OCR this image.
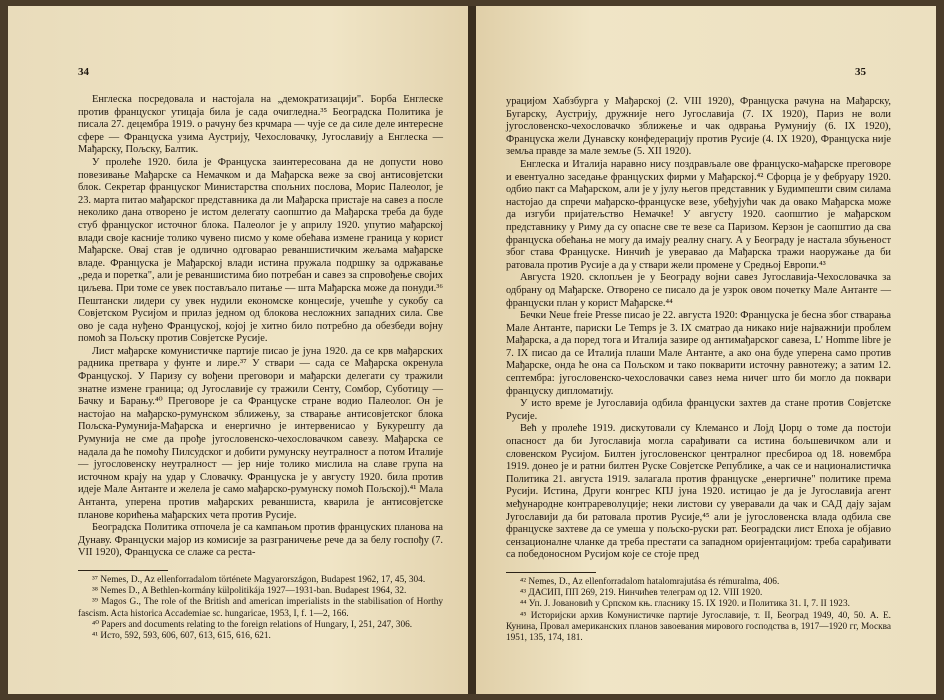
34

Енглеска посредовала и настојала на „демократизацији". Борба Енглеске против француског утицаја била је сада очигледна.³⁵ Београдска Политика је писала 27. децембра 1919. о рачуну без крчмара — чује се да силе деле интересне сфере — Француска узима Аустрију, Чехословачку, Југославију а Енглеска — Мађарску, Пољску, Балтик.

У пролеће 1920. била је Француска заинтересована да не допусти ново повезивање Мађарске са Немачком и да Мађарска веже за свој антисовјетски блок. Секретар француског Министарства спољних послова, Морис Палеолог, је 23. марта питао мађарског представника да ли Мађарска пристаје на савез а после неколико дана отворено је истом делегату саопштио да Мађарска треба да буде стуб француског источног блока. Палеолог је у априлу 1920. упутио мађарској влади своје касније толико чувено писмо у коме обећава измене граница у корист Мађарске. Овај став је одлично одговарао реваншистичким жељама мађарске владе. Француска је Мађарској влади истина пружала подршку за одржавање „реда и поретка", али је реваншистима био потребан и савез за спровођење својих циљева. При томе се увек постављало питање — шта Мађарска може да понуди.³⁶ Пештански лидери су увек нудили економске концесије, учешће у сукобу са Совјетском Русијом и прилаз једном од блокова несложних западних сила. Све ово је сада нуђено Француској, којој је хитно било потребно да обезбеди војну помоћ за Пољску против Совјетске Русије.

Лист мађарске комунистичке партије писао је јуна 1920. да се крв мађарских радника претвара у фунте и лире.³⁷ У ствари — сада се Мађарска окренула Француској. У Паризу су вођени преговори и мађарски делегати су тражили знатне измене граница; од Југославије су тражили Сенту, Сомбор, Суботицу — Бачку и Барању.⁴⁰ Преговоре је са Француске стране водио Палеолог. Он је настојао на мађарско-румунском зближењу, за стварање антисовјетског блока Пољска-Румунија-Мађарска и енергично је интервенисао у Букурешту да Румунија не сме да прође југословенско-чехословачком савезу. Мађарска се надала да ће помоћу Пилсудског и добити румунску неутралност а потом Италије — југословенску неутралност — јер није толико мислила на славе група на источном крају на удар у Словачку. Француска је у августу 1920. била против идеје Мале Антанте и желела је само мађарско-румунску помоћ Пољској).⁴¹ Мала Антанта, уперена против мађарских реваншиста, кварила је антисовјетске планове корићења мађарских чета против Русије.

Београдска Политика отпочела је са кампањом против француских планова на Дунаву. Француски мајор из комисије за разграничење рече да за белу госпођу (7. VII 1920), Француска се слаже са реста-

³⁷ Nemes, D., Az ellenforradalom története Magyarországon, Budapest 1962, 17, 45, 304.
³⁸ Nemes D., A Bethlen-kormány külpolitikája 1927—1931-ban. Budapest 1964, 32.
³⁹ Magos G., The role of the British and american imperialists in the stabilisation of Horthy fascism. Acta historica Accademiae sc. hungaricae, 1953, I, f. 1—2, 166.
⁴⁰ Papers and documents relating to the foreign relations of Hungary, I, 251, 247, 306.
⁴¹ Исто, 592, 593, 606, 607, 613, 615, 616, 621.
35

урацијом Хабзбурга у Мађарској (2. VIII 1920), Француска рачуна на Мађарску, Бугарску, Аустрију, дружније него Југославија (7. IX 1920), Париз не воли југословенско-чехословачко зближење и чак одврања Румунију (6. IX 1920), Француска жели Дунавску конфедерацију против Русије (4. IX 1920), Француска није земља правде за мале земље (5. XII 1920).

Енглеска и Италија наравно нису поздрављале ове француско-мађарске преговоре и евентуално заседање француских фирми у Мађарској.⁴² Сфорца је у фебруару 1920. одбио пакт са Мађарском, али је у јулу његов представник у Будимпешти свим силама настојао да спречи мађарско-француске везе, убеђујући чак да овако Мађарска може да изгуби пријатељство Немачке! У августу 1920. саопштио је мађарском представнику у Риму да су опасне све те везе са Паризом. Керзон је саопштио да сва француска обећања не могу да имају реалну снагу. А у Београду је настала збуњеност због става Француске. Нинчић је уверавао да Мађарска тражи наоружање да би ратовала против Русије а да у ствари жели промене у Средњој Европи.⁴³

Августа 1920. склопљен је у Београду војни савез Југославија-Чехословачка за одбрану од Мађарске. Отворено се писало да је узрок овом почетку Мале Антанте — француски план у корист Мађарске.⁴⁴

Бечки Neue freie Presse писао је 22. августа 1920: Француска је бесна због стварања Мале Антанте, париски Le Temps је 3. IX сматрао да никако није најважнији проблем Мађарска, а да поред тога и Италија зазире од антимађарског савеза, L' Homme libre је 7. IX писао да се Италија плаши Мале Антанте, а ако она буде уперена само против Мађарске, онда ће она са Пољском и тако покварити источну равнотежу; а затим 12. септембра: југословенско-чехословачки савез нема ничег што би могло да поквари француску дипломатију.

У исто време је Југославија одбила француски захтев да стане против Совјетске Русије.

Већ у пролеће 1919. дискутовали су Клемансо и Лојд Џорџ о томе да постоји опасност да би Југославија могла сарађивати са истина бољшевичком али и словенском Русијом. Билтен југословенског централног пресбироа од 18. новембра 1919. донео је и ратни билтен Руске Совјетске Републике, а чак се и националистичка Политика 21. августа 1919. залагала против француске „енергичне" политике према Русији. Истина, Други конгрес КПЈ јуна 1920. истицао је да је Југославија агент међународне контрареволуције; неки листови су уверавали да чак и САД дају зајам Југославији да би ратовала против Русије,⁴⁵ али је југословенска влада одбила све француске захтеве да се умеша у пољско-руски рат. Београдски лист Епоха је објавио сензационалне чланке да треба престати са западном оријентацијом: треба сарађивати са победоносном Русијом које се стоје пред

⁴² Nemes, D., Az ellenforradalom hatalomrajutása és rémuralma, 406.
⁴³ ДАСИП, ПП 269, 219. Нинчићев телеграм од 12. VIII 1920.
⁴⁴ Уп. Ј. Јовановић у Српском књ. гласнику 15. IX 1920. и Политика 31. I, 7. II 1923.
⁴⁵ Историјски архив Комунистичке партије Југославије, т. II, Београд 1949, 40, 50. А. Е. Кунина, Провал американских планов завоевания мирового господства в, 1917—1920 гг, Москва 1951, 135, 174, 181.
